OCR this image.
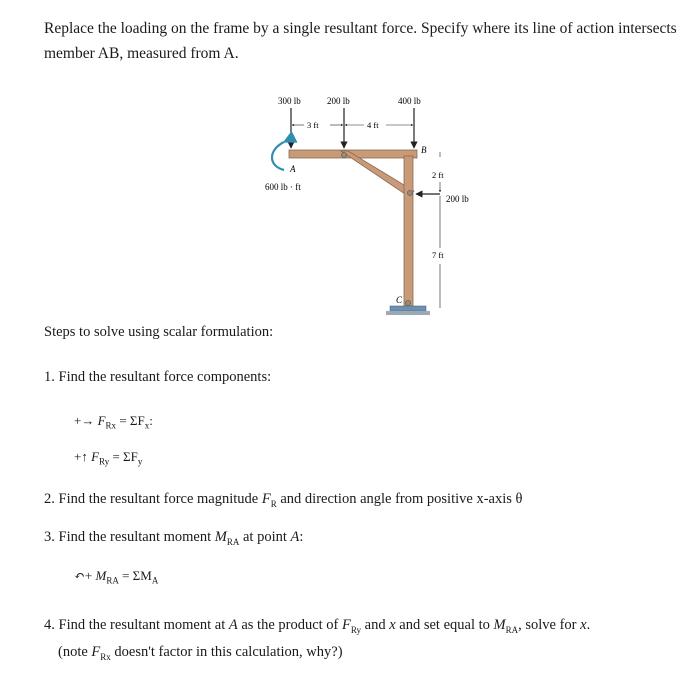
Replace the loading on the frame by a single resultant force. Specify where its line of action intersects
member AB, measured from A.
300 lb	200 lb	400 lb
3 ft	4 ft
A
B
C
600 lb · ft
2 ft
200 lb
7 ft
Steps to solve using scalar formulation:
1. Find the resultant force components:
+→ $F_{Rx} = \Sigma F_x$:
+↑ $F_{Ry} = \Sigma F_y$
2. Find the resultant force magnitude $F_R$ and direction angle from positive x-axis θ
3. Find the resultant moment $M_{RA}$ at point A:
↶+ $M_{RA} = \Sigma M_A$
4. Find the resultant moment at A as the product of $F_{Ry}$ and x and set equal to $M_{RA}$, solve for x.
(note $F_{Rx}$ doesn't factor in this calculation, why?)
